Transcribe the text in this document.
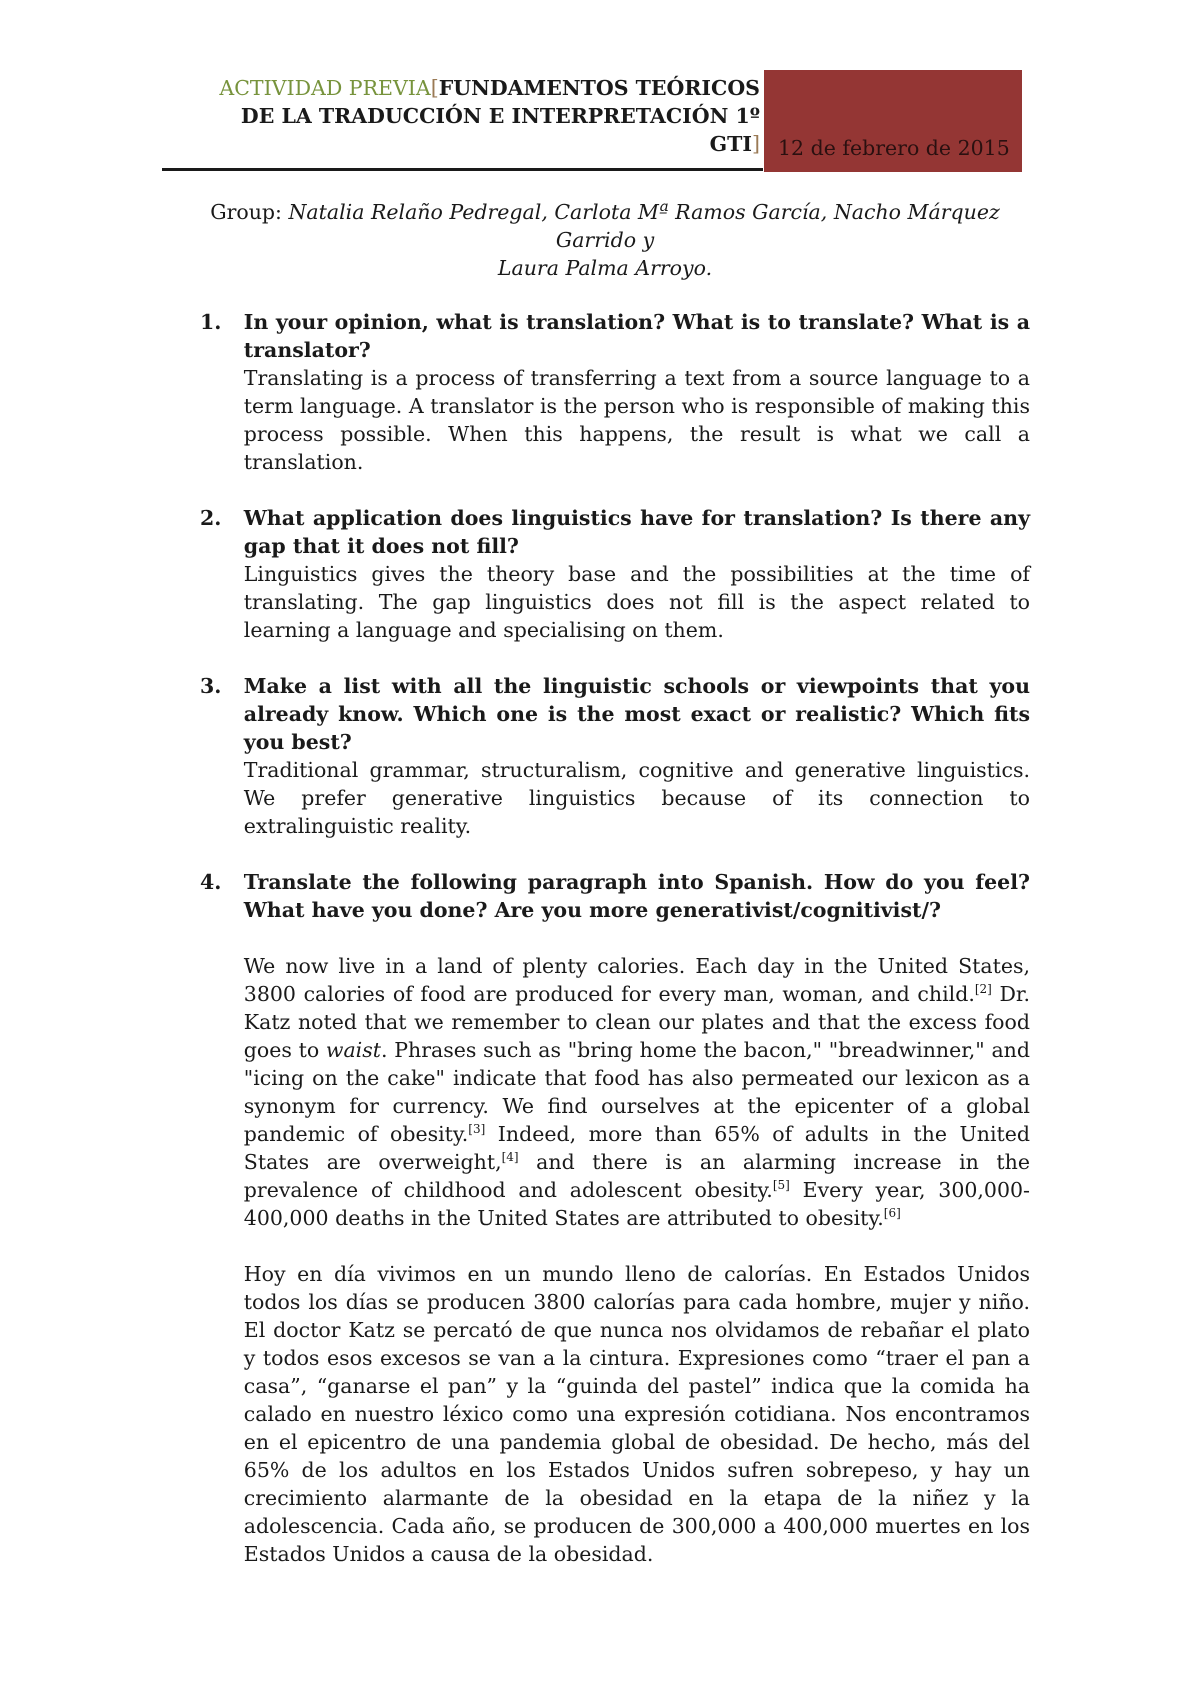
ACTIVIDAD PREVIA[FUNDAMENTOS TEÓRICOS
DE LA TRADUCCIÓN E INTERPRETACIÓN 1º
GTI] 12 de febrero de 2015
Group: Natalia Relaño Pedregal, Carlota Mª Ramos García, Nacho Márquez Garrido y
Laura Palma Arroyo.
1.	In your opinion, what is translation? What is to translate? What is a translator?
Translating is a process of transferring a text from a source language to a term language. A translator is the person who is responsible of making this process possible. When this happens, the result is what we call a translation.
2.	What application does linguistics have for translation? Is there any gap that it does not fill?
Linguistics gives the theory base and the possibilities at the time of translating. The gap linguistics does not fill is the aspect related to learning a language and specialising on them.
3.	Make a list with all the linguistic schools or viewpoints that you already know. Which one is the most exact or realistic? Which fits you best?
Traditional grammar, structuralism, cognitive and generative linguistics. We prefer generative linguistics because of its connection to extralinguistic reality.
4.	Translate the following paragraph into Spanish. How do you feel? What have you done? Are you more generativist/cognitivist/?
We now live in a land of plenty calories. Each day in the United States, 3800 calories of food are produced for every man, woman, and child.[2] Dr. Katz noted that we remember to clean our plates and that the excess food goes to waist. Phrases such as "bring home the bacon," "breadwinner," and "icing on the cake" indicate that food has also permeated our lexicon as a synonym for currency. We find ourselves at the epicenter of a global pandemic of obesity.[3] Indeed, more than 65% of adults in the United States are overweight,[4] and there is an alarming increase in the prevalence of childhood and adolescent obesity.[5] Every year, 300,000-400,000 deaths in the United States are attributed to obesity.[6]
Hoy en día vivimos en un mundo lleno de calorías. En Estados Unidos todos los días se producen 3800 calorías para cada hombre, mujer y niño. El doctor Katz se percató de que nunca nos olvidamos de rebañar el plato y todos esos excesos se van a la cintura. Expresiones como “traer el pan a casa”, “ganarse el pan” y la “guinda del pastel” indica que la comida ha calado en nuestro léxico como una expresión cotidiana. Nos encontramos en el epicentro de una pandemia global de obesidad. De hecho, más del 65% de los adultos en los Estados Unidos sufren sobrepeso, y hay un crecimiento alarmante de la obesidad en la etapa de la niñez y la adolescencia. Cada año, se producen de 300,000 a 400,000 muertes en los Estados Unidos a causa de la obesidad.
